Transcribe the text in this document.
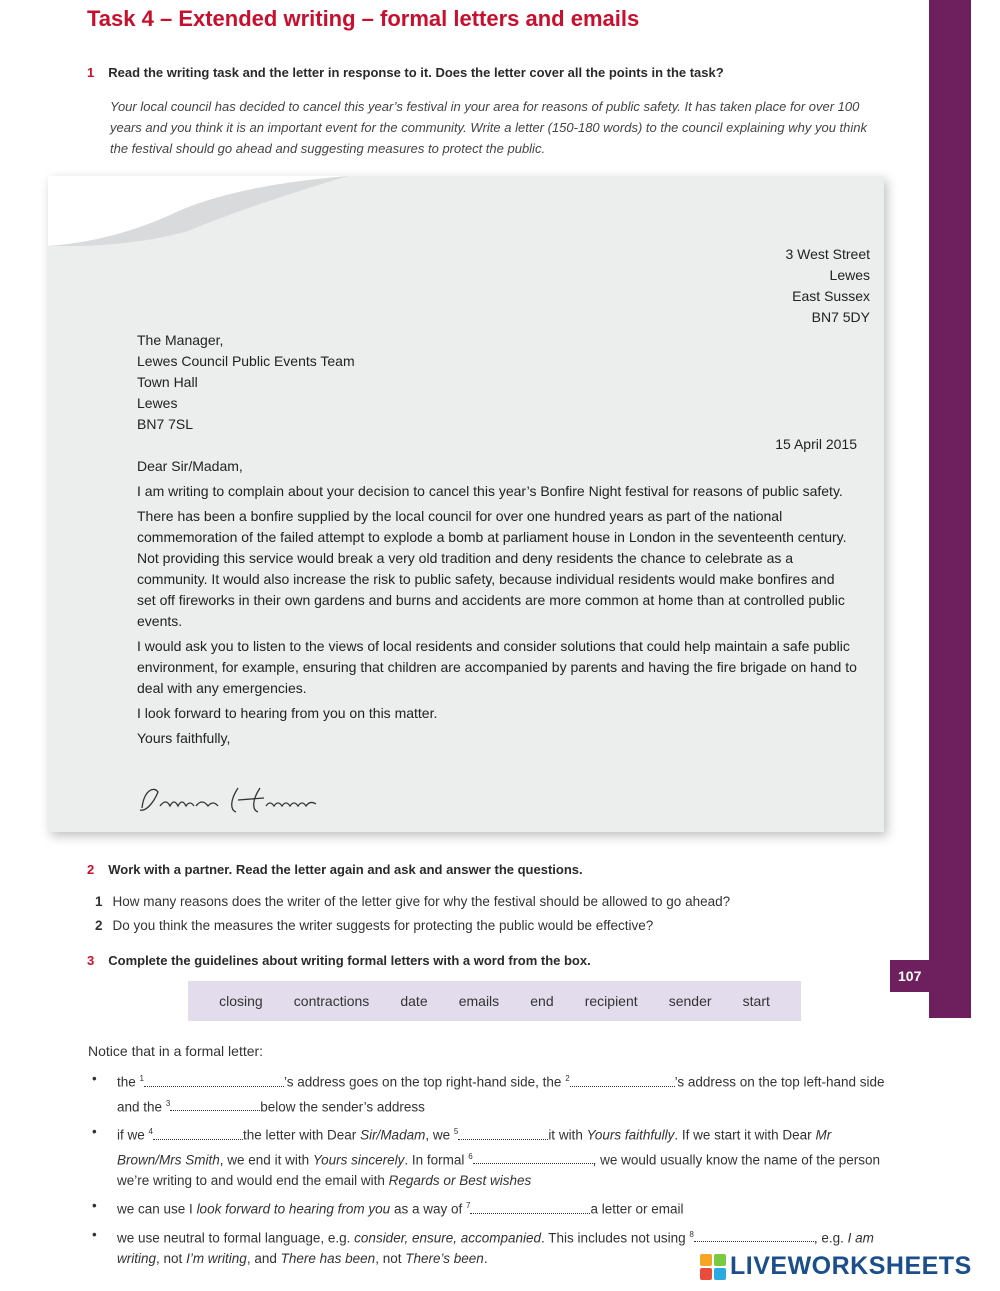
107
Task 4 – Extended writing – formal letters and emails
1 Read the writing task and the letter in response to it. Does the letter cover all the points in the task?
Your local council has decided to cancel this year’s festival in your area for reasons of public safety. It has taken place for over 100 years and you think it is an important event for the community. Write a letter (150-180 words) to the council explaining why you think the festival should go ahead and suggesting measures to protect the public.
3 West Street
Lewes
East Sussex
BN7 5DY
The Manager,
Lewes Council Public Events Team
Town Hall
Lewes
BN7 7SL
15 April 2015

Dear Sir/Madam,

I am writing to complain about your decision to cancel this year’s Bonfire Night festival for reasons of public safety.

There has been a bonfire supplied by the local council for over one hundred years as part of the national commemoration of the failed attempt to explode a bomb at parliament house in London in the seventeenth century. Not providing this service would break a very old tradition and deny residents the chance to celebrate as a community. It would also increase the risk to public safety, because individual residents would make bonfires and set off fireworks in their own gardens and burns and accidents are more common at home than at controlled public events.

I would ask you to listen to the views of local residents and consider solutions that could help maintain a safe public environment, for example, ensuring that children are accompanied by parents and having the fire brigade on hand to deal with any emergencies.

I look forward to hearing from you on this matter.

Yours faithfully,

2 Work with a partner. Read the letter again and ask and answer the questions.
1 How many reasons does the writer of the letter give for why the festival should be allowed to go ahead?
2 Do you think the measures the writer suggests for protecting the public would be effective?
3 Complete the guidelines about writing formal letters with a word from the box.
closing contractions date emails end recipient sender start
Notice that in a formal letter:
• the $^1$	’s address goes on the top right-hand side, the $^2$	’s address on the top left-hand side and the $^3$	below the sender’s address
• if we $^4$	the letter with Dear Sir/Madam, we $^5$	it with Yours faithfully. If we start it with Dear Mr Brown/Mrs Smith, we end it with Yours sincerely. In formal $^6$	, we would usually know the name of the person we’re writing to and would end the email with Regards or Best wishes
• we can use I look forward to hearing from you as a way of $^7$	a letter or email
• we use neutral to formal language, e.g. consider, ensure, accompanied. This includes not using $^8$	, e.g. I am writing, not I’m writing, and There has been, not There’s been.	LIVEWORKSHEETS
